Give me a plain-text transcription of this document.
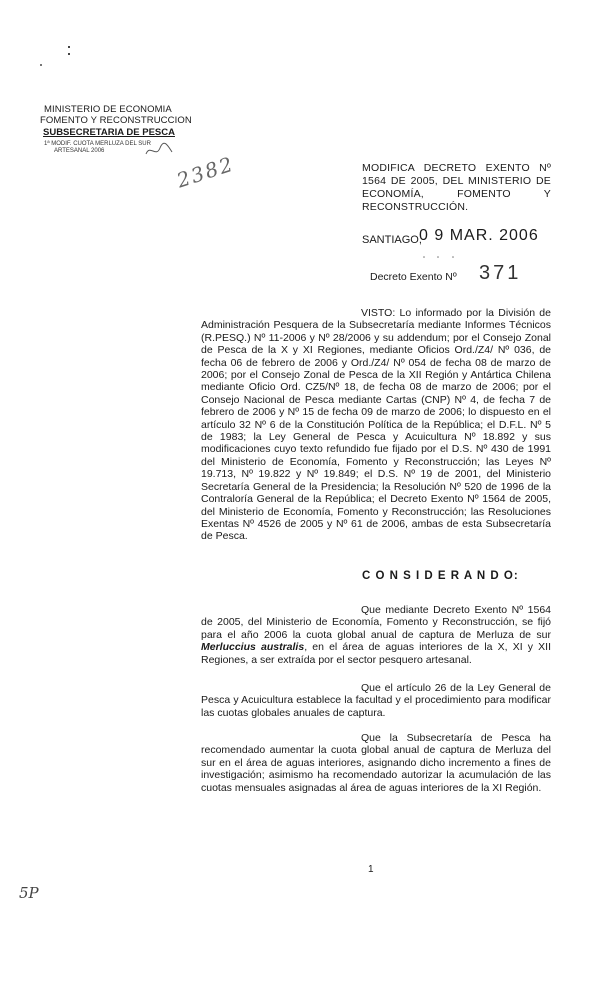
MINISTERIO DE ECONOMIA
FOMENTO Y RECONSTRUCCION
SUBSECRETARIA DE PESCA
1ª MODIF. CUOTA MERLUZA DEL SUR
ARTESANAL 2006
2382	MODIFICA DECRETO EXENTO Nº 1564 DE 2005, DEL MINISTERIO DE ECONOMÍA, FOMENTO Y RECONSTRUCCIÓN.
SANTIAGO,
0 9 MAR. 2006
Decreto Exento Nº 371
VISTO: Lo informado por la División de Administración Pesquera de la Subsecretaría mediante Informes Técnicos (R.PESQ.) Nº 11-2006 y Nº 28/2006 y su addendum; por el Consejo Zonal de Pesca de la X y XI Regiones, mediante Oficios Ord./Z4/ Nº 036, de fecha 06 de febrero de 2006 y Ord./Z4/ Nº 054 de fecha 08 de marzo de 2006; por el Consejo Zonal de Pesca de la XII Región y Antártica Chilena mediante Oficio Ord. CZ5/Nº 18, de fecha 08 de marzo de 2006; por el Consejo Nacional de Pesca mediante Cartas (CNP) Nº 4, de fecha 7 de febrero de 2006 y Nº 15 de fecha 09 de marzo de 2006; lo dispuesto en el artículo 32 Nº 6 de la Constitución Política de la República; el D.F.L. Nº 5 de 1983; la Ley General de Pesca y Acuicultura Nº 18.892 y sus modificaciones cuyo texto refundido fue fijado por el D.S. Nº 430 de 1991 del Ministerio de Economía, Fomento y Reconstrucción; las Leyes Nº 19.713, Nº 19.822 y Nº 19.849; el D.S. Nº 19 de 2001, del Ministerio Secretaría General de la Presidencia; la Resolución Nº 520 de 1996 de la Contraloría General de la República; el Decreto Exento Nº 1564 de 2005, del Ministerio de Economía, Fomento y Reconstrucción; las Resoluciones Exentas Nº 4526 de 2005 y Nº 61 de 2006, ambas de esta Subsecretaría de Pesca.
C O N S I D E R A N D O:
Que mediante Decreto Exento Nº 1564 de 2005, del Ministerio de Economía, Fomento y Reconstrucción, se fijó para el año 2006 la cuota global anual de captura de Merluza de sur Merluccius australis, en el área de aguas interiores de la X, XI y XII Regiones, a ser extraída por el sector pesquero artesanal.
Que el artículo 26 de la Ley General de Pesca y Acuicultura establece la facultad y el procedimiento para modificar las cuotas globales anuales de captura.
Que la Subsecretaría de Pesca ha recomendado aumentar la cuota global anual de captura de Merluza del sur en el área de aguas interiores, asignando dicho incremento a fines de investigación; asimismo ha recomendado autorizar la acumulación de las cuotas mensuales asignadas al área de aguas interiores de la XI Región.
1
5P
